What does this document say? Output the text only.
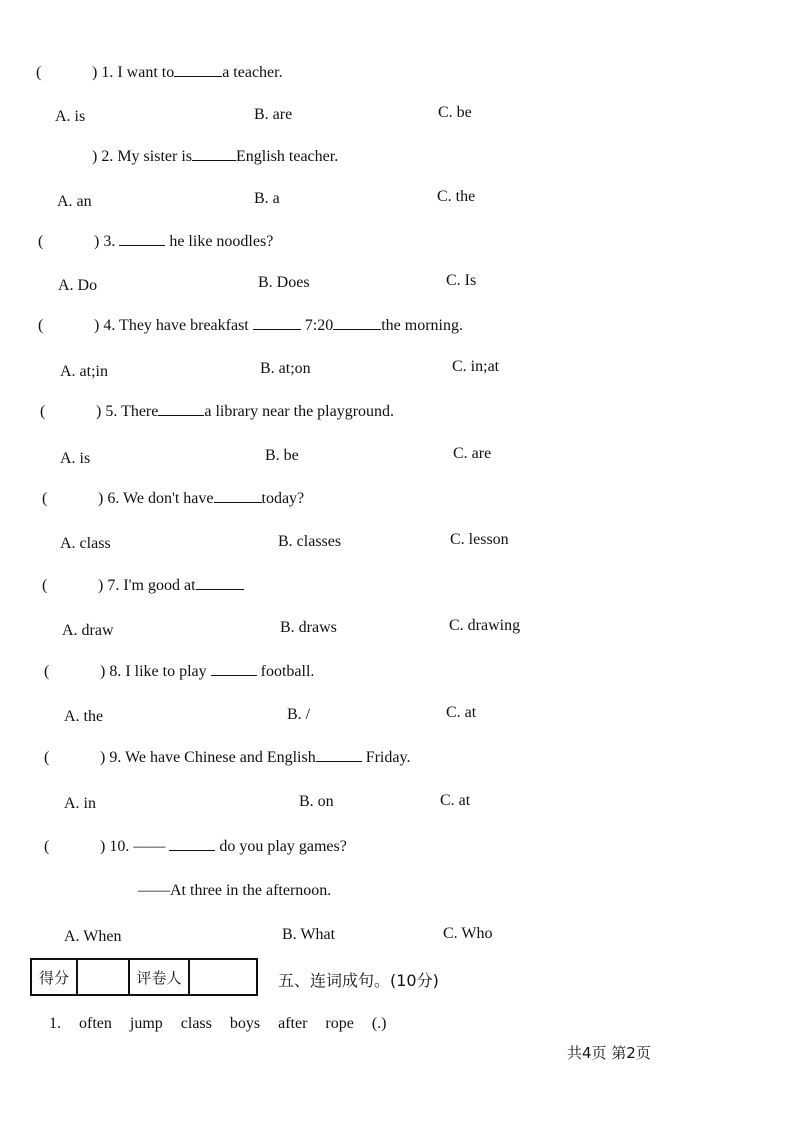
(	) 1. I want to	a teacher.
A. is	B. are	C. be
) 2. My sister is	English teacher.
A. an	B. a	C. the
(	) 3.	he like noodles?
A. Do	B. Does	C. Is
(	) 4. They have breakfast	7:20	the morning.
A. at;in	B. at;on	C. in;at
(	) 5. There	a library near the playground.
A. is	B. be	C. are
(	) 6. We don't have	today?
A. class	B. classes	C. lesson
(	) 7. I'm good at
A. draw	B. draws	C. drawing
(	) 8. I like to play	football.
A. the	B. /	C. at
(	) 9. We have Chinese and English	Friday.
A. in	B. on	C. at
(	) 10. ——	do you play games?
——At three in the afternoon.
A. When	B. What	C. Who
得分		评卷人		五、连词成句。(10分)
1. often jump class boys after rope (.)
共4页 第2页
